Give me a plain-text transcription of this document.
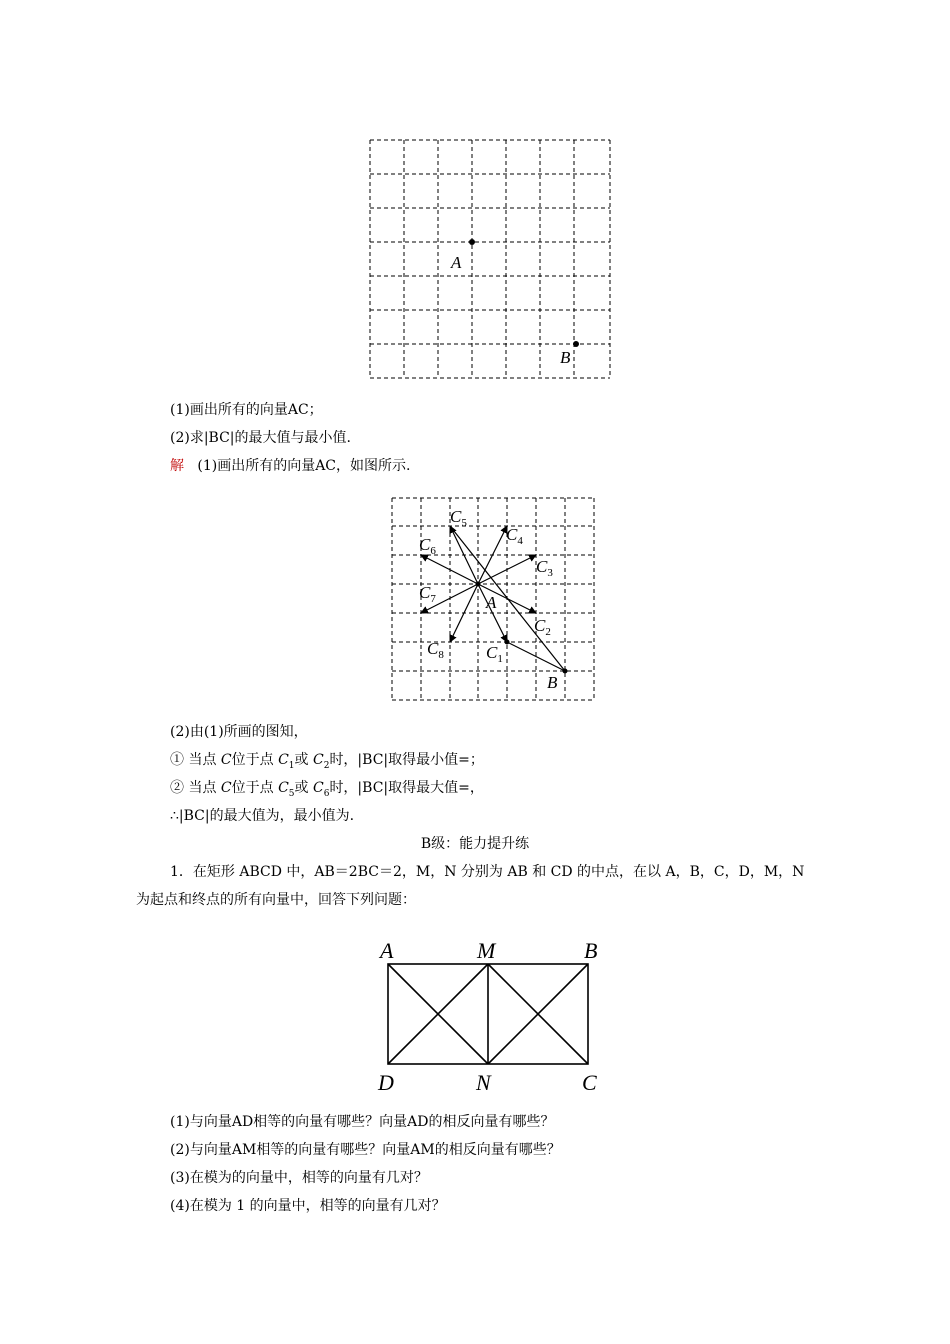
A
B
(1)画出所有的向量AC；
(2)求|BC|的最大值与最小值.
解 (1)画出所有的向量AC，如图所示.
$C_1$
$C_2$
$C_3$
$C_4$
$C_5$
$C_6$
$C_7$
$C_8$
A
B
(2)由(1)所画的图知，
① 当点 C位于点 $C_1$或 $C_2$时，|BC|取得最小值=；
② 当点 C位于点 $C_5$或 $C_6$时，|BC|取得最大值=，
∴|BC|的最大值为，最小值为.
B级：能力提升练
1．在矩形 ABCD 中，AB＝2BC＝2，M，N 分别为 AB 和 CD 的中点，在以 A，B，C，D，M，N
为起点和终点的所有向量中，回答下列问题：
A	M	B
D	N	C
(1)与向量AD相等的向量有哪些？向量AD的相反向量有哪些？
(2)与向量AM相等的向量有哪些？向量AM的相反向量有哪些？
(3)在模为的向量中，相等的向量有几对？
(4)在模为 1 的向量中，相等的向量有几对？
